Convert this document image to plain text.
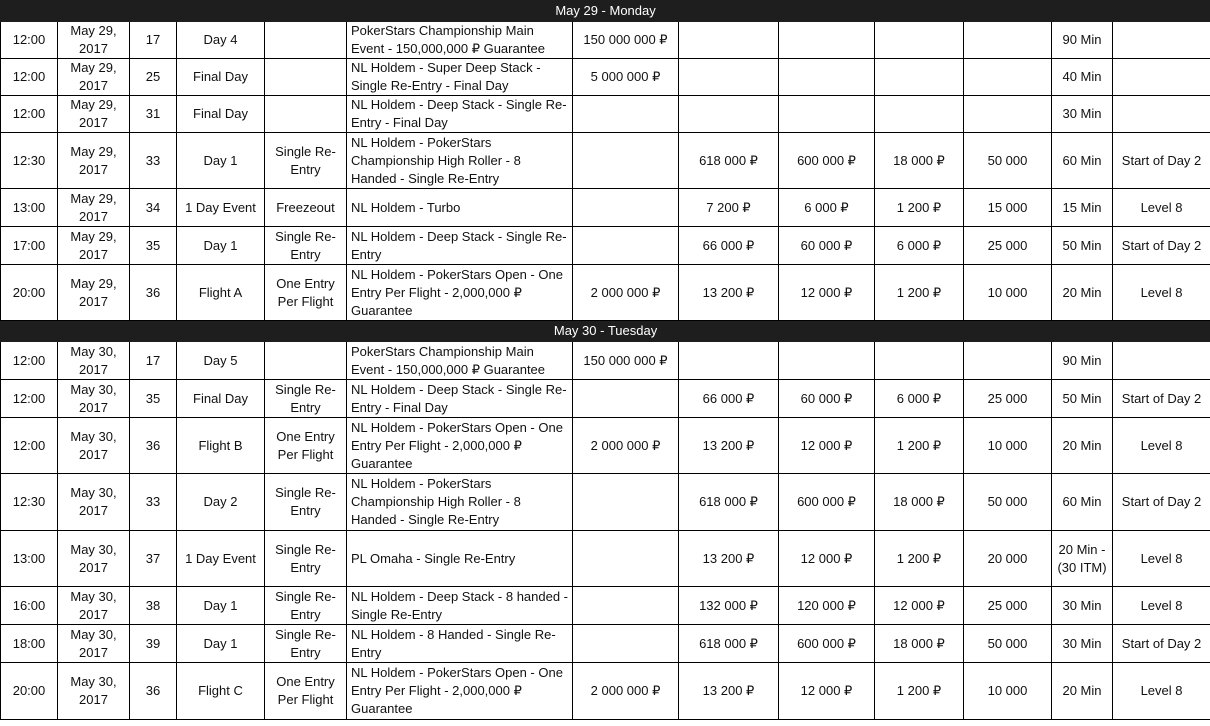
May 29 - Monday												
12:00	May 29, 2017	17	Day 4		PokerStars Championship Main Event - 150,000,000 ₽ Guarantee	150 000 000 ₽					90 Min	
12:00	May 29, 2017	25	Final Day		NL Holdem - Super Deep Stack - Single Re-Entry - Final Day	5 000 000 ₽					40 Min	
12:00	May 29, 2017	31	Final Day		NL Holdem - Deep Stack - Single Re-Entry - Final Day						30 Min	
12:30	May 29, 2017	33	Day 1	Single Re-Entry	NL Holdem - PokerStars Championship High Roller - 8 Handed - Single Re-Entry		618 000 ₽	600 000 ₽	18 000 ₽	50 000	60 Min	Start of Day 2
13:00	May 29, 2017	34	1 Day Event	Freezeout	NL Holdem - Turbo		7 200 ₽	6 000 ₽	1 200 ₽	15 000	15 Min	Level 8
17:00	May 29, 2017	35	Day 1	Single Re-Entry	NL Holdem - Deep Stack - Single Re-Entry		66 000 ₽	60 000 ₽	6 000 ₽	25 000	50 Min	Start of Day 2
20:00	May 29, 2017	36	Flight A	One Entry Per Flight	NL Holdem - PokerStars Open - One Entry Per Flight - 2,000,000 ₽ Guarantee	2 000 000 ₽	13 200 ₽	12 000 ₽	1 200 ₽	10 000	20 Min	Level 8
May 30 - Tuesday												
12:00	May 30, 2017	17	Day 5		PokerStars Championship Main Event - 150,000,000 ₽ Guarantee	150 000 000 ₽					90 Min	
12:00	May 30, 2017	35	Final Day	Single Re-Entry	NL Holdem - Deep Stack - Single Re-Entry - Final Day		66 000 ₽	60 000 ₽	6 000 ₽	25 000	50 Min	Start of Day 2
12:00	May 30, 2017	36	Flight B	One Entry Per Flight	NL Holdem - PokerStars Open - One Entry Per Flight - 2,000,000 ₽ Guarantee	2 000 000 ₽	13 200 ₽	12 000 ₽	1 200 ₽	10 000	20 Min	Level 8
12:30	May 30, 2017	33	Day 2	Single Re-Entry	NL Holdem - PokerStars Championship High Roller - 8 Handed - Single Re-Entry		618 000 ₽	600 000 ₽	18 000 ₽	50 000	60 Min	Start of Day 2
13:00	May 30, 2017	37	1 Day Event	Single Re-Entry	PL Omaha - Single Re-Entry		13 200 ₽	12 000 ₽	1 200 ₽	20 000	20 Min - (30 ITM)	Level 8
16:00	May 30, 2017	38	Day 1	Single Re-Entry	NL Holdem - Deep Stack - 8 handed - Single Re-Entry		132 000 ₽	120 000 ₽	12 000 ₽	25 000	30 Min	Level 8
18:00	May 30, 2017	39	Day 1	Single Re-Entry	NL Holdem - 8 Handed - Single Re-Entry		618 000 ₽	600 000 ₽	18 000 ₽	50 000	30 Min	Start of Day 2
20:00	May 30, 2017	36	Flight C	One Entry Per Flight	NL Holdem - PokerStars Open - One Entry Per Flight - 2,000,000 ₽ Guarantee	2 000 000 ₽	13 200 ₽	12 000 ₽	1 200 ₽	10 000	20 Min	Level 8
